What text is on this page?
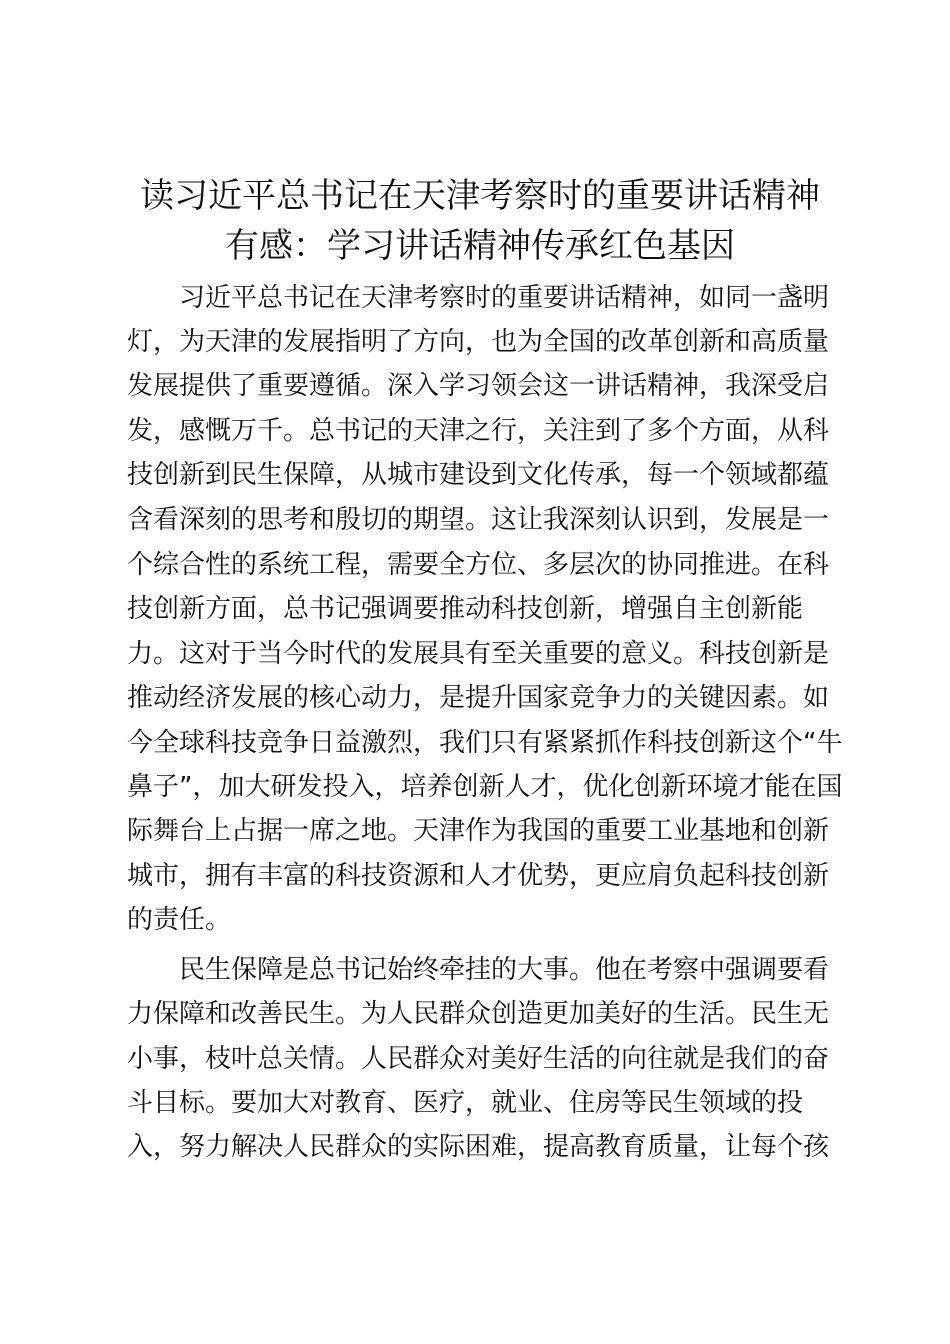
读习近平总书记在天津考察时的重要讲话精神
有感：学习讲话精神传承红色基因

习近平总书记在天津考察时的重要讲话精神，如同一盏明

灯，为天津的发展指明了方向，也为全国的改革创新和高质量

发展提供了重要遵循。深入学习领会这一讲话精神，我深受启

发，感慨万千。总书记的天津之行，关注到了多个方面，从科

技创新到民生保障，从城市建设到文化传承，每一个领域都蕴

含看深刻的思考和殷切的期望。这让我深刻认识到，发展是一

个综合性的系统工程，需要全方位、多层次的协同推进。在科

技创新方面，总书记强调要推动科技创新，增强自主创新能

力。这对于当今时代的发展具有至关重要的意义。科技创新是

推动经济发展的核心动力，是提升国家竞争力的关键因素。如

今全球科技竞争日益激烈，我们只有紧紧抓作科技创新这个“牛

鼻子”，加大研发投入，培养创新人才，优化创新环境才能在国

际舞台上占据一席之地。天津作为我国的重要工业基地和创新

城市，拥有丰富的科技资源和人才优势，更应肩负起科技创新

的责任。

民生保障是总书记始终牵挂的大事。他在考察中强调要看

力保障和改善民生。为人民群众创造更加美好的生活。民生无

小事，枝叶总关情。人民群众对美好生活的向往就是我们的奋

斗目标。要加大对教育、医疗，就业、住房等民生领域的投

入，努力解决人民群众的实际困难，提高教育质量，让每个孩
